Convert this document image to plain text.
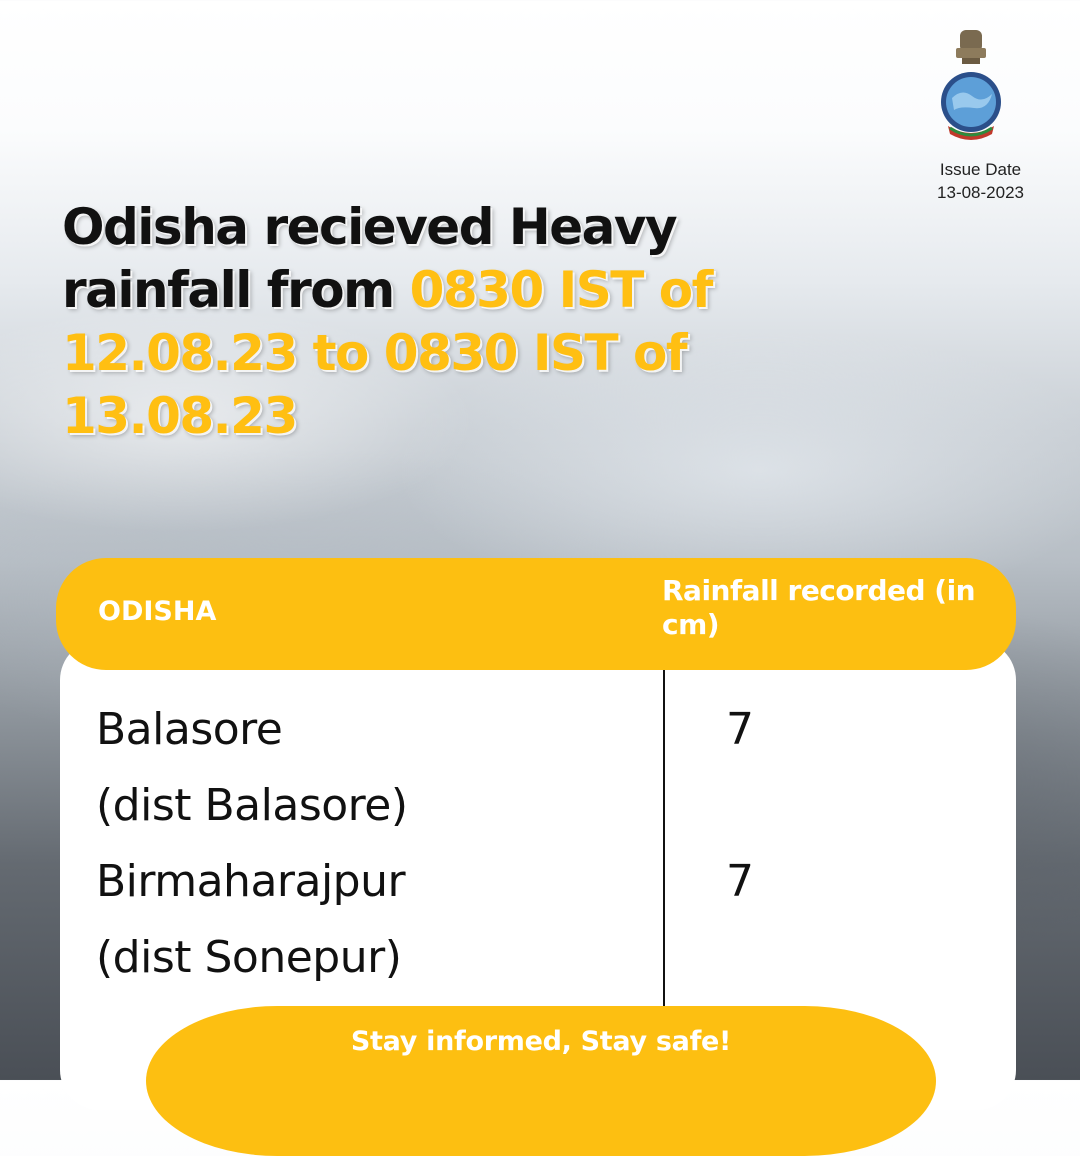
Issue Date
13-08-2023
Odisha recieved Heavy rainfall from 0830 IST of 12.08.23 to 0830 IST of 13.08.23
ODISHA
Rainfall recorded (in cm)
Balasore
(dist Balasore)
7
Birmaharajpur
(dist Sonepur)
7
Stay informed, Stay safe!
